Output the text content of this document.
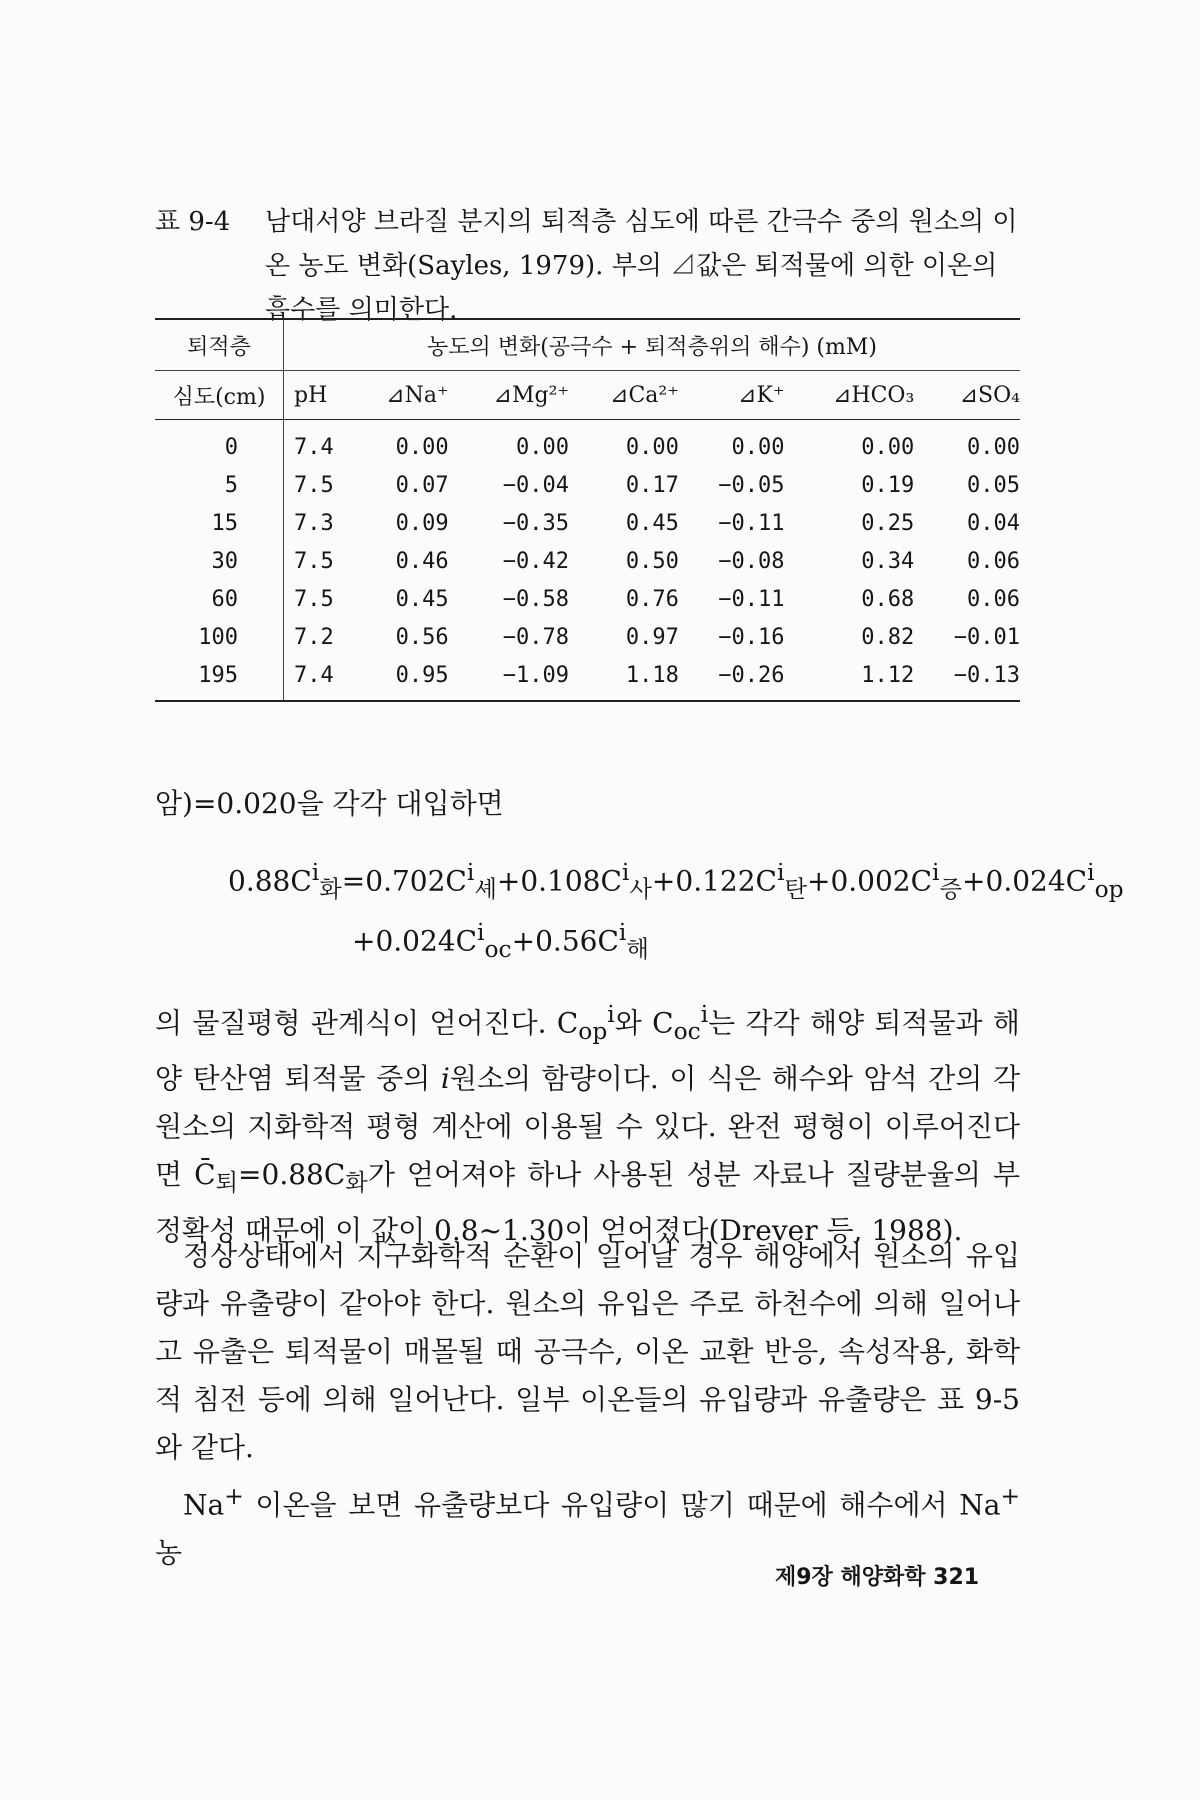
표 9-4 남대서양 브라질 분지의 퇴적층 심도에 따른 간극수 중의 원소의 이온 농도 변화(Sayles, 1979). 부의 ⊿값은 퇴적물에 의한 이온의 흡수를 의미한다.
퇴적층	농도의 변화(공극수 + 퇴적층위의 해수) (mM)						
심도(cm)	pH	⊿Na⁺	⊿Mg²⁺	⊿Ca²⁺	⊿K⁺	⊿HCO₃	⊿SO₄
0	7.4	0.00	0.00	0.00	0.00	0.00	0.00
5	7.5	0.07	−0.04	0.17	−0.05	0.19	0.05
15	7.3	0.09	−0.35	0.45	−0.11	0.25	0.04
30	7.5	0.46	−0.42	0.50	−0.08	0.34	0.06
60	7.5	0.45	−0.58	0.76	−0.11	0.68	0.06
100	7.2	0.56	−0.78	0.97	−0.16	0.82	−0.01
195	7.4	0.95	−1.09	1.18	−0.26	1.12	−0.13
암)=0.020을 각각 대입하면
$0.88C^i_화=0.702C^i_셰+0.108C^i_사+0.122C^i_탄+0.002C^i_증+0.024C^i_{op}$
$+0.024C^i_{oc}+0.56C^i_해$
의 물질평형 관계식이 얻어진다. $C_{op}^i$와 $C_{oc}^i$는 각각 해양 퇴적물과 해양 탄산염 퇴적물 중의 i원소의 함량이다. 이 식은 해수와 암석 간의 각 원소의 지화학적 평형 계산에 이용될 수 있다. 완전 평형이 이루어진다면 $C̄_퇴=0.88C_화$가 얻어져야 하나 사용된 성분 자료나 질량분율의 부정확성 때문에 이 값이 0.8~1.30이 얻어졌다(Drever 등, 1988).
정상상태에서 지구화학적 순환이 일어날 경우 해양에서 원소의 유입량과 유출량이 같아야 한다. 원소의 유입은 주로 하천수에 의해 일어나고 유출은 퇴적물이 매몰될 때 공극수, 이온 교환 반응, 속성작용, 화학적 침전 등에 의해 일어난다. 일부 이온들의 유입량과 유출량은 표 9-5와 같다.
Na+ 이온을 보면 유출량보다 유입량이 많기 때문에 해수에서 Na+ 농
제9장 해양화학 321
